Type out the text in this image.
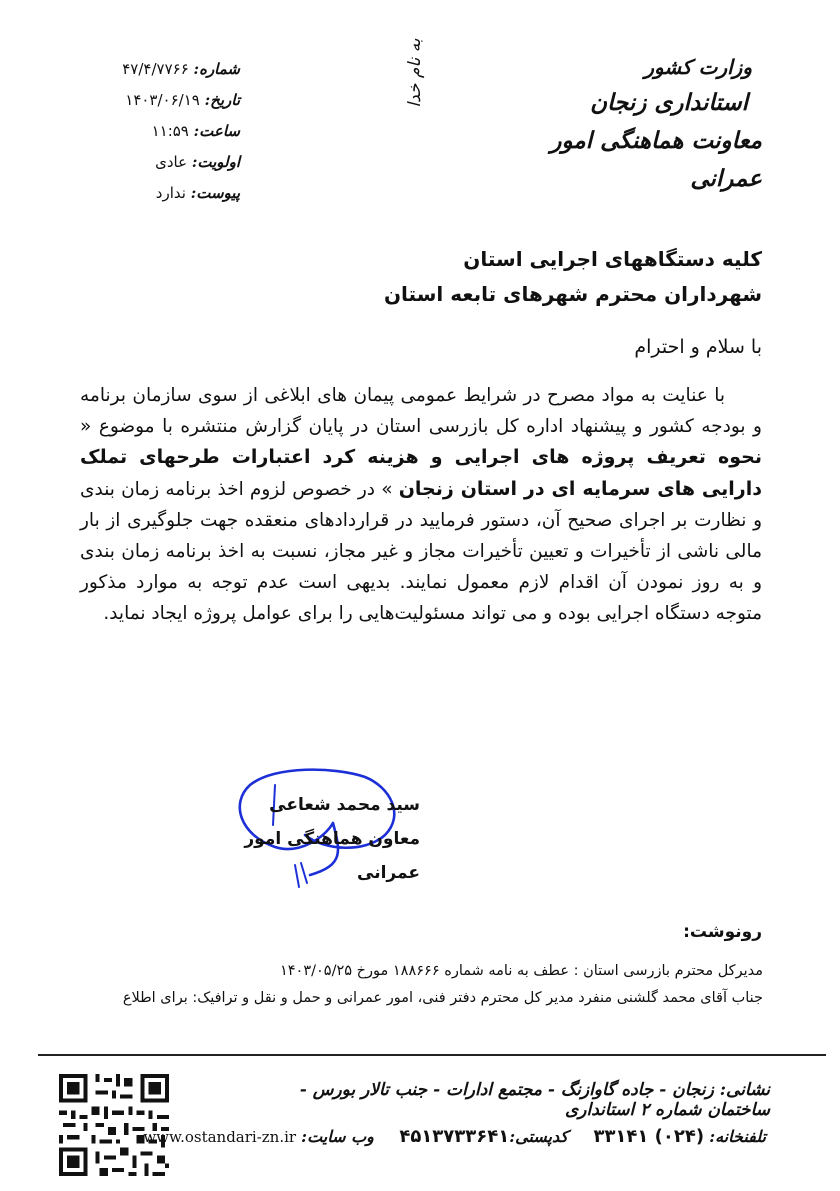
به نام خدا	وزارت کشور
استانداری زنجان
معاونت هماهنگی امور عمرانی
شماره: ۴۷/۴/۷۷۶۶
تاریخ: ۱۴۰۳/۰۶/۱۹
ساعت: ۱۱:۵۹
اولویت: عادی
پیوست: ندارد
کلیه دستگاههای اجرایی استان
شهرداران محترم شهرهای تابعه استان
با سلام و احترام
  با عنایت به مواد مصرح در شرایط عمومی پیمان های ابلاغی از سوی سازمان برنامه و بودجه کشور و پیشنهاد اداره کل بازرسی استان در پایان گزارش منتشره با موضوع « نحوه تعریف پروژه های اجرایی و هزینه کرد اعتبارات طرحهای تملک دارایی های سرمایه ای در استان زنجان » در خصوص لزوم اخذ برنامه زمان بندی و نظارت بر اجرای صحیح آن، دستور فرمایید در قراردادهای منعقده جهت جلوگیری از بار مالی ناشی از تأخیرات و تعیین تأخیرات مجاز و غیر مجاز، نسبت به اخذ برنامه زمان بندی و به روز نمودن آن اقدام لازم معمول نمایند. بدیهی است عدم توجه به موارد مذکور متوجه دستگاه اجرایی بوده و می تواند مسئولیت‌هایی را برای عوامل پروژه ایجاد نماید.
سید محمد شعاعی
معاون هماهنگی امور عمرانی
رونوشت:
مدیرکل محترم بازرسی استان : عطف به نامه شماره ۱۸۸۶۶۶ مورخ ۱۴۰۳/۰۵/۲۵
جناب آقای محمد گلشنی منفرد مدیر کل محترم دفتر فنی، امور عمرانی و حمل و نقل و ترافیک: برای اطلاع
نشانی: زنجان - جاده گاوازنگ - مجتمع ادارات - جنب تالار بورس - ساختمان شماره ۲ استانداری
تلفنخانه: (۰۲۴) ۳۳۱۴۱     کدپستی:۴۵۱۳۷۳۳۶۴۱     وب سایت: www.ostandari-zn.ir
